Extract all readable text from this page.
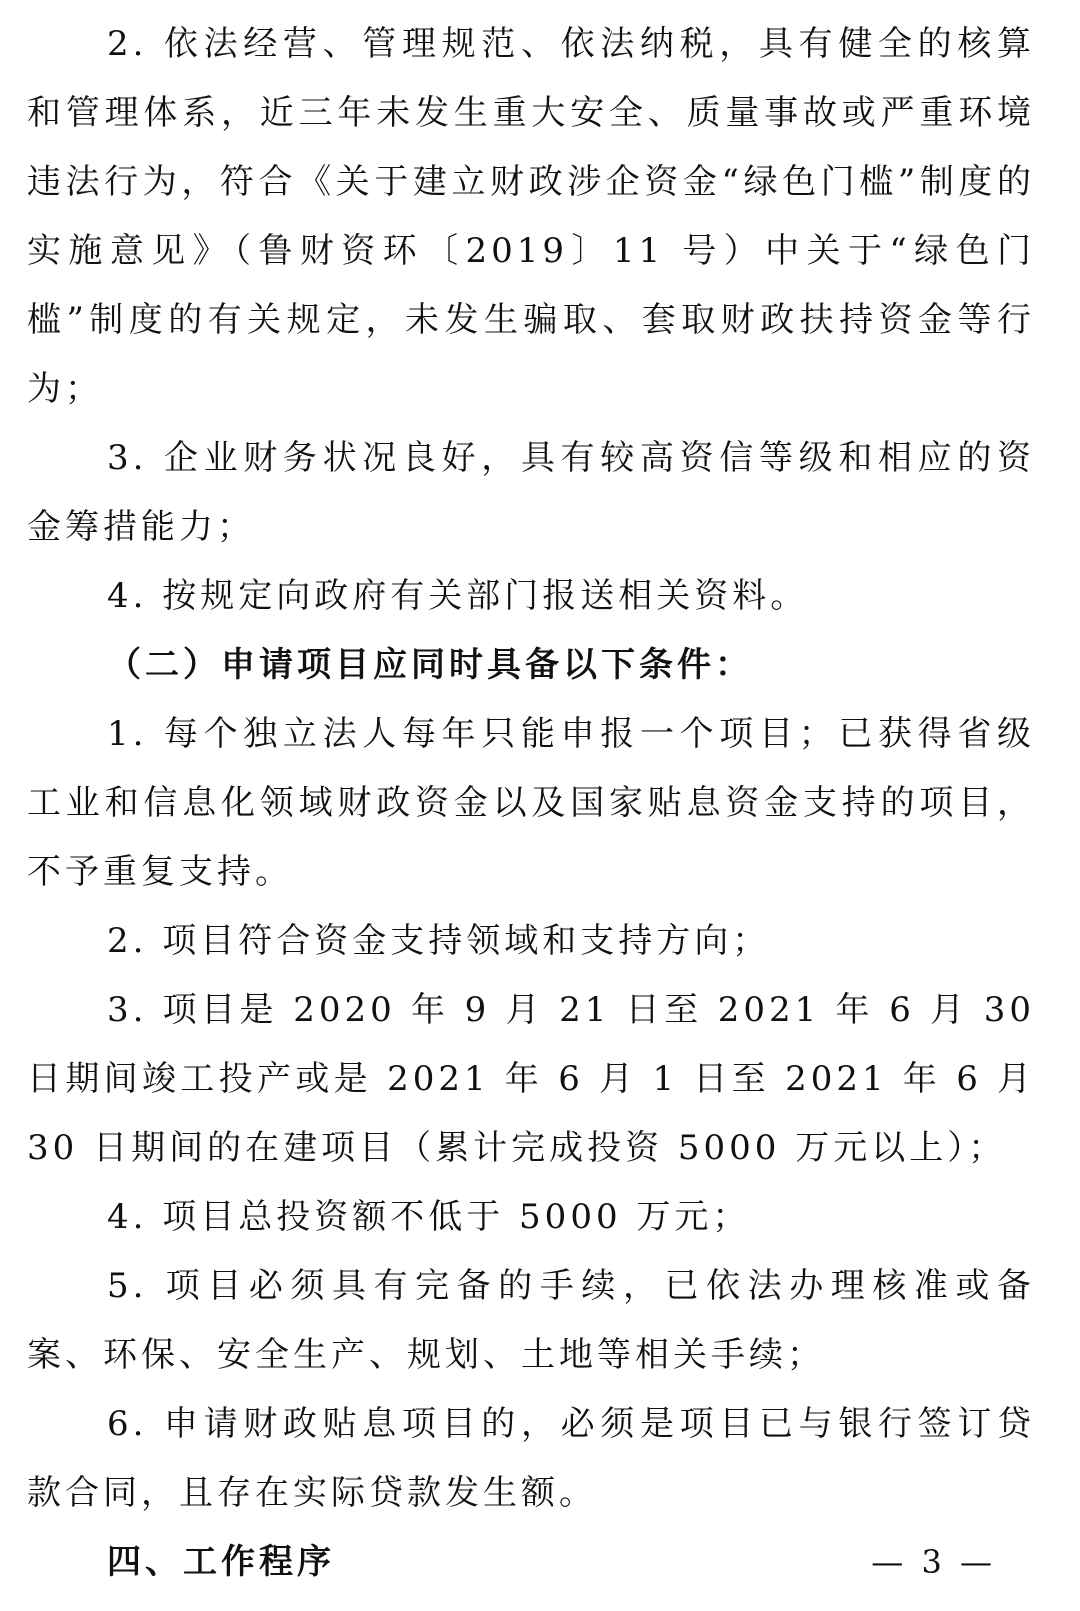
2. 依法经营、管理规范、依法纳税，具有健全的核算和管理体系，近三年未发生重大安全、质量事故或严重环境违法行为，符合《关于建立财政涉企资金“绿色门槛”制度的实施意见》（鲁财资环〔2019〕11 号）中关于“绿色门槛”制度的有关规定，未发生骗取、套取财政扶持资金等行为；

3. 企业财务状况良好，具有较高资信等级和相应的资金筹措能力；

4. 按规定向政府有关部门报送相关资料。

（二）申请项目应同时具备以下条件：

1. 每个独立法人每年只能申报一个项目；已获得省级工业和信息化领域财政资金以及国家贴息资金支持的项目，不予重复支持。

2. 项目符合资金支持领域和支持方向；

3. 项目是 2020 年 9 月 21 日至 2021 年 6 月 30 日期间竣工投产或是 2021 年 6 月 1 日至 2021 年 6 月 30 日期间的在建项目（累计完成投资 5000 万元以上）；

4. 项目总投资额不低于 5000 万元；

5. 项目必须具有完备的手续，已依法办理核准或备案、环保、安全生产、规划、土地等相关手续；

6. 申请财政贴息项目的，必须是项目已与银行签订贷款合同，且存在实际贷款发生额。

四、工作程序	— 3 —
